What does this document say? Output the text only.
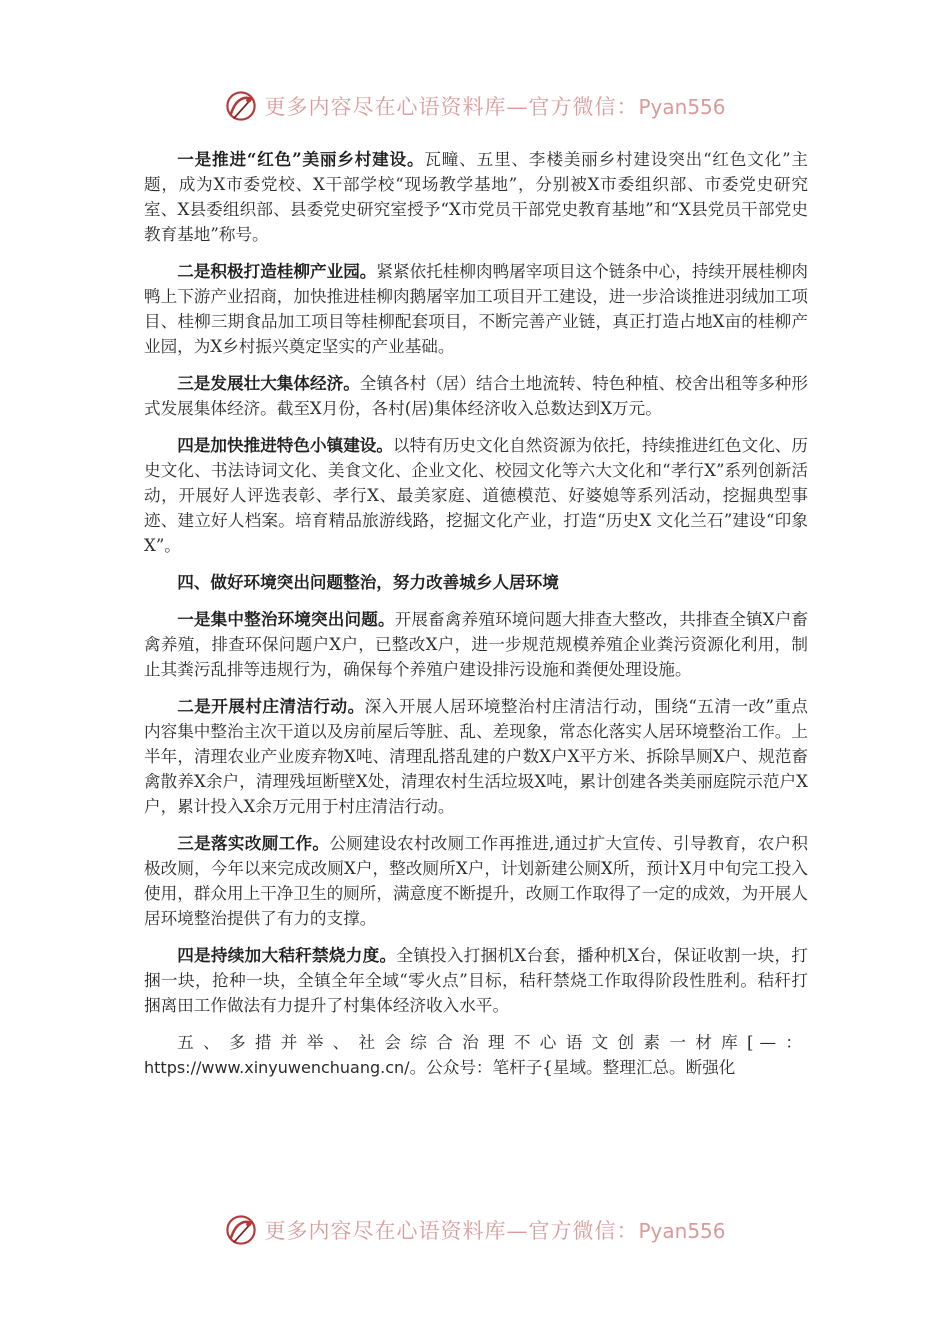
更多内容尽在心语资料库—官方微信：Pyan556

一是推进“红色”美丽乡村建设。瓦疃、五里、李楼美丽乡村建设突出“红色文化”主题，成为X市委党校、X干部学校“现场教学基地”，分别被X市委组织部、市委党史研究室、X县委组织部、县委党史研究室授予“X市党员干部党史教育基地”和“X县党员干部党史教育基地”称号。

二是积极打造桂柳产业园。紧紧依托桂柳肉鸭屠宰项目这个链条中心，持续开展桂柳肉鸭上下游产业招商，加快推进桂柳肉鹅屠宰加工项目开工建设，进一步洽谈推进羽绒加工项目、桂柳三期食品加工项目等桂柳配套项目，不断完善产业链，真正打造占地X亩的桂柳产业园，为X乡村振兴奠定坚实的产业基础。

三是发展壮大集体经济。全镇各村（居）结合土地流转、特色种植、校舍出租等多种形式发展集体经济。截至X月份，各村(居)集体经济收入总数达到X万元。

四是加快推进特色小镇建设。以特有历史文化自然资源为依托，持续推进红色文化、历史文化、书法诗词文化、美食文化、企业文化、校园文化等六大文化和“孝行X”系列创新活动，开展好人评选表彰、孝行X、最美家庭、道德模范、好婆媳等系列活动，挖掘典型事迹、建立好人档案。培育精品旅游线路，挖掘文化产业，打造“历史X 文化兰石”建设“印象X”。

四、做好环境突出问题整治，努力改善城乡人居环境

一是集中整治环境突出问题。开展畜禽养殖环境问题大排查大整改，共排查全镇X户畜禽养殖，排查环保问题户X户，已整改X户，进一步规范规模养殖企业粪污资源化利用，制止其粪污乱排等违规行为，确保每个养殖户建设排污设施和粪便处理设施。

二是开展村庄清洁行动。深入开展人居环境整治村庄清洁行动，围绕“五清一改”重点内容集中整治主次干道以及房前屋后等脏、乱、差现象，常态化落实人居环境整治工作。上半年，清理农业产业废弃物X吨、清理乱搭乱建的户数X户X平方米、拆除旱厕X户、规范畜禽散养X余户，清理残垣断壁X处，清理农村生活垃圾X吨，累计创建各类美丽庭院示范户X户，累计投入X余万元用于村庄清洁行动。

三是落实改厕工作。公厕建设农村改厕工作再推进,通过扩大宣传、引导教育，农户积极改厕，今年以来完成改厕X户，整改厕所X户，计划新建公厕X所，预计X月中旬完工投入使用，群众用上干净卫生的厕所，满意度不断提升，改厕工作取得了一定的成效，为开展人居环境整治提供了有力的支撑。

四是持续加大秸秆禁烧力度。全镇投入打捆机X台套，播种机X台，保证收割一块，打捆一块，抢种一块，全镇全年全域“零火点”目标，秸秆禁烧工作取得阶段性胜利。秸秆打捆离田工作做法有力提升了村集体经济收入水平。

五、多措并举、社会综合治理不心语文创素一材库[—：https://www.xinyuwenchuang.cn/。公众号：笔杆子{星域。整理汇总。断强化

更多内容尽在心语资料库—官方微信：Pyan556
